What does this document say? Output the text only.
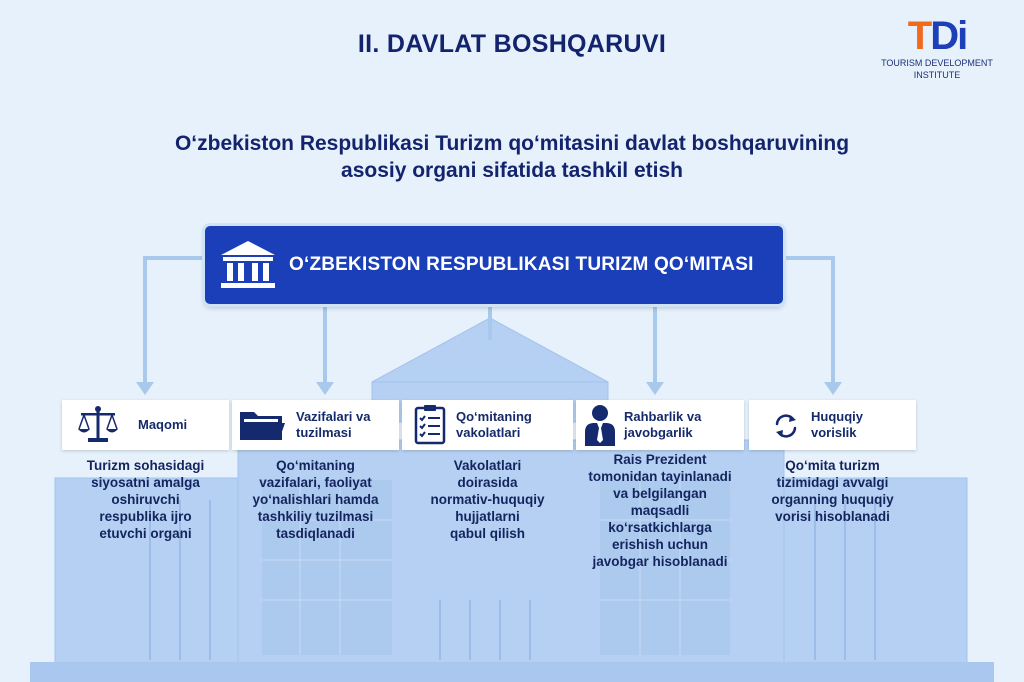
II. DAVLAT BOSHQARUVI	TDi
TOURISM DEVELOPMENT
INSTITUTE
O‘zbekiston Respublikasi Turizm qo‘mitasini davlat boshqaruvining
asosiy organi sifatida tashkil etish
O‘ZBEKISTON RESPUBLIKASI TURIZM QO‘MITASI
Maqomi
Turizm sohasidagi
siyosatni amalga
oshiruvchi
respublika ijro
etuvchi organi
Vazifalari va
tuzilmasi
Qo‘mitaning
vazifalari, faoliyat
yo‘nalishlari hamda
tashkiliy tuzilmasi
tasdiqlanadi
Qo‘mitaning
vakolatlari
Vakolatlari
doirasida
normativ-huquqiy
hujjatlarni
qabul qilish
Rahbarlik va
javobgarlik
Rais Prezident
tomonidan tayinlanadi
va belgilangan
maqsadli
ko‘rsatkichlarga
erishish uchun
javobgar hisoblanadi
Huquqiy
vorislik
Qo‘mita turizm
tizimidagi avvalgi
organning huquqiy
vorisi hisoblanadi
